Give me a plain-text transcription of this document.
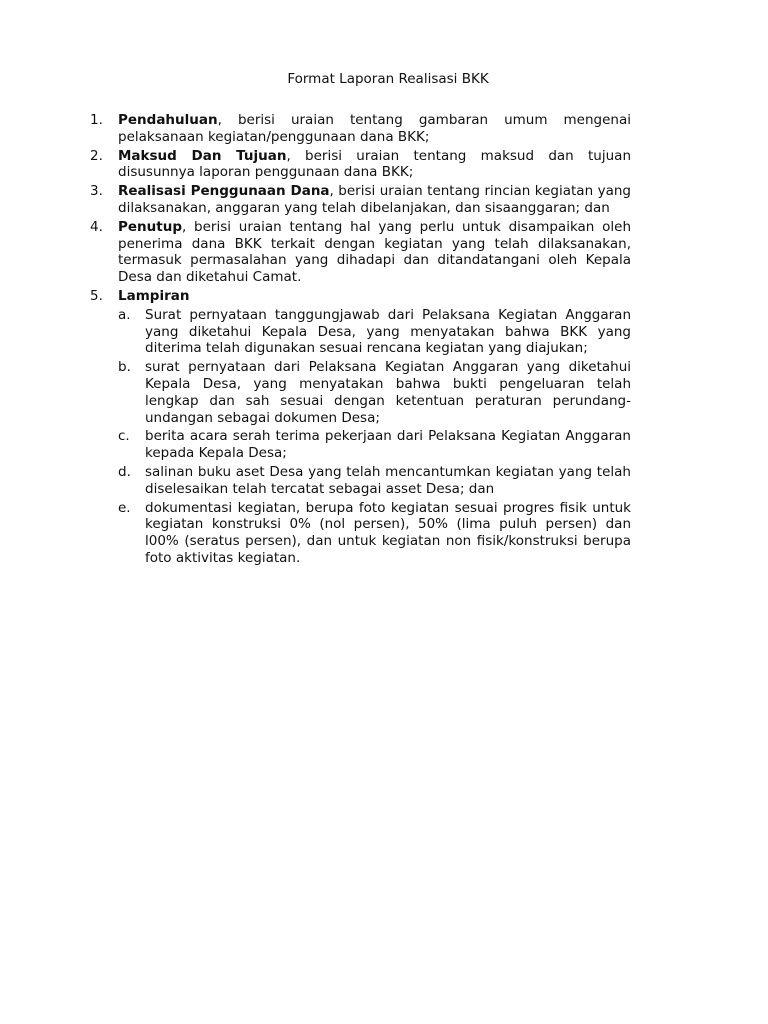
Format Laporan Realisasi BKK
1. Pendahuluan, berisi uraian tentang gambaran umum mengenai pelaksanaan kegiatan/penggunaan dana BKK;
2. Maksud Dan Tujuan, berisi uraian tentang maksud dan tujuan disusunnya laporan penggunaan dana BKK;
3. Realisasi Penggunaan Dana, berisi uraian tentang rincian kegiatan yang dilaksanakan, anggaran yang telah dibelanjakan, dan sisaanggaran; dan
4. Penutup, berisi uraian tentang hal yang perlu untuk disampaikan oleh penerima dana BKK terkait dengan kegiatan yang telah dilaksanakan, termasuk permasalahan yang dihadapi dan ditandatangani oleh Kepala Desa dan diketahui Camat.
5. Lampiran
a. Surat pernyataan tanggungjawab dari Pelaksana Kegiatan Anggaran yang diketahui Kepala Desa, yang menyatakan bahwa BKK yang diterima telah digunakan sesuai rencana kegiatan yang diajukan;
b. surat pernyataan dari Pelaksana Kegiatan Anggaran yang diketahui Kepala Desa, yang menyatakan bahwa bukti pengeluaran telah lengkap dan sah sesuai dengan ketentuan peraturan perundang-undangan sebagai dokumen Desa;
c. berita acara serah terima pekerjaan dari Pelaksana Kegiatan Anggaran kepada Kepala Desa;
d. salinan buku aset Desa yang telah mencantumkan kegiatan yang telah diselesaikan telah tercatat sebagai asset Desa; dan
e. dokumentasi kegiatan, berupa foto kegiatan sesuai progres fisik untuk kegiatan konstruksi 0% (nol persen), 50% (lima puluh persen) dan l00% (seratus persen), dan untuk kegiatan non fisik/konstruksi berupa foto aktivitas kegiatan.
